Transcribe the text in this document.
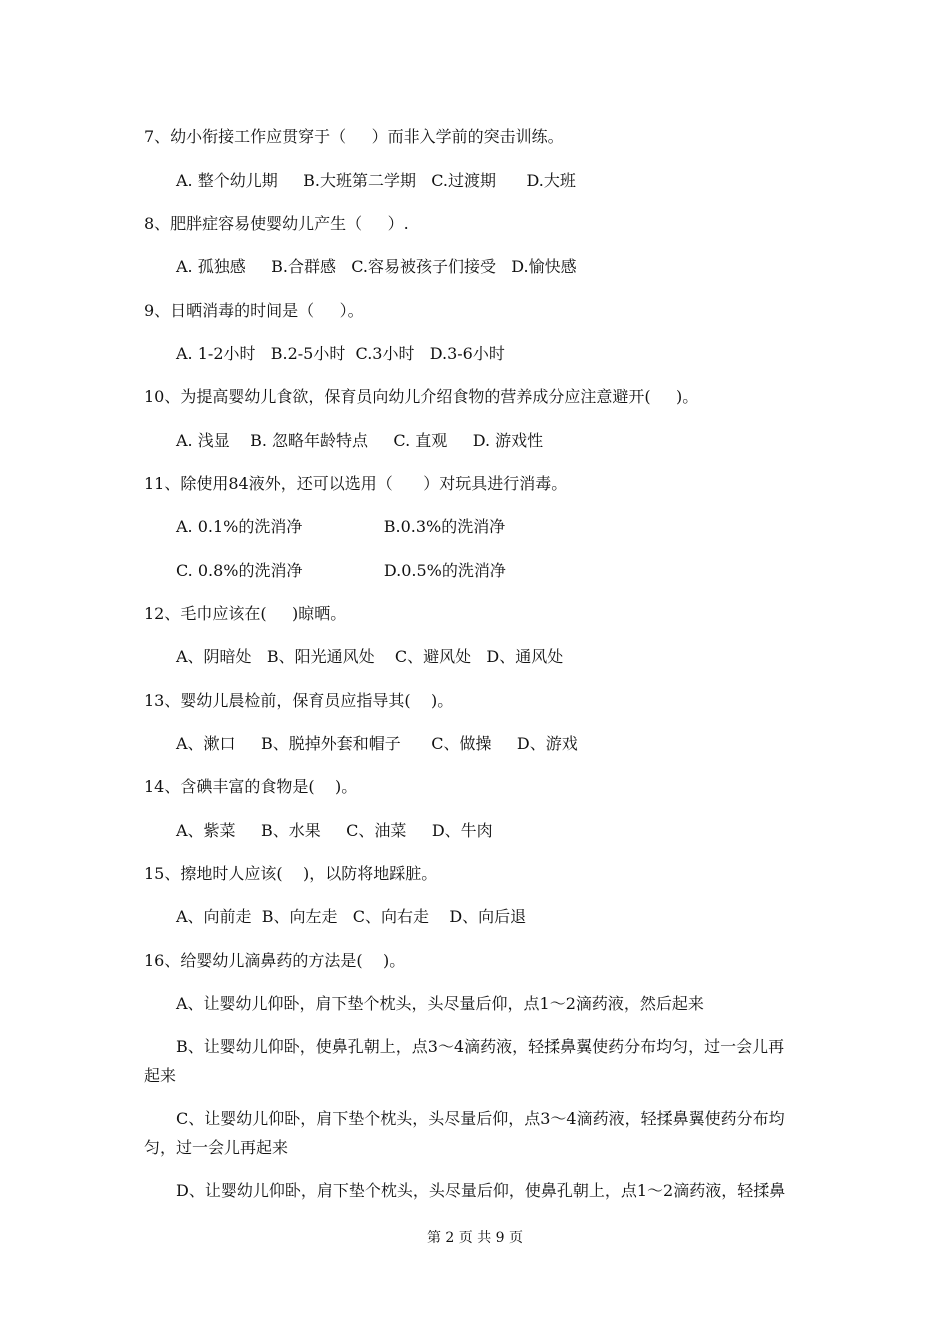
7、幼小衔接工作应贯穿于（     ）而非入学前的突击训练。
A. 整个幼儿期     B.大班第二学期   C.过渡期      D.大班
8、肥胖症容易使婴幼儿产生（     ）.
A. 孤独感     B.合群感   C.容易被孩子们接受   D.愉快感
9、日晒消毒的时间是（     ）。
A. 1-2小时   B.2-5小时  C.3小时   D.3-6小时
10、为提高婴幼儿食欲，保育员向幼儿介绍食物的营养成分应注意避开(     )。
A. 浅显    B. 忽略年龄特点     C. 直观     D. 游戏性
11、除使用84液外，还可以选用（      ）对玩具进行消毒。
A. 0.1%的洗消净                B.0.3%的洗消净
C. 0.8%的洗消净                D.0.5%的洗消净
12、毛巾应该在(     )晾晒。
A、阴暗处   B、阳光通风处    C、避风处   D、通风处
13、婴幼儿晨检前，保育员应指导其(    )。
A、漱口     B、脱掉外套和帽子      C、做操     D、游戏
14、含碘丰富的食物是(    )。
A、紫菜     B、水果     C、油菜     D、牛肉
15、擦地时人应该(    )，以防将地踩脏。
A、向前走  B、向左走   C、向右走    D、向后退
16、给婴幼儿滴鼻药的方法是(    )。
A、让婴幼儿仰卧，肩下垫个枕头，头尽量后仰，点1～2滴药液，然后起来
B、让婴幼儿仰卧，使鼻孔朝上，点3～4滴药液，轻揉鼻翼使药分布均匀，过一会儿再
起来
C、让婴幼儿仰卧，肩下垫个枕头，头尽量后仰，点3～4滴药液，轻揉鼻翼使药分布均
匀，过一会儿再起来
D、让婴幼儿仰卧，肩下垫个枕头，头尽量后仰，使鼻孔朝上，点1～2滴药液，轻揉鼻
第 2 页 共 9 页
